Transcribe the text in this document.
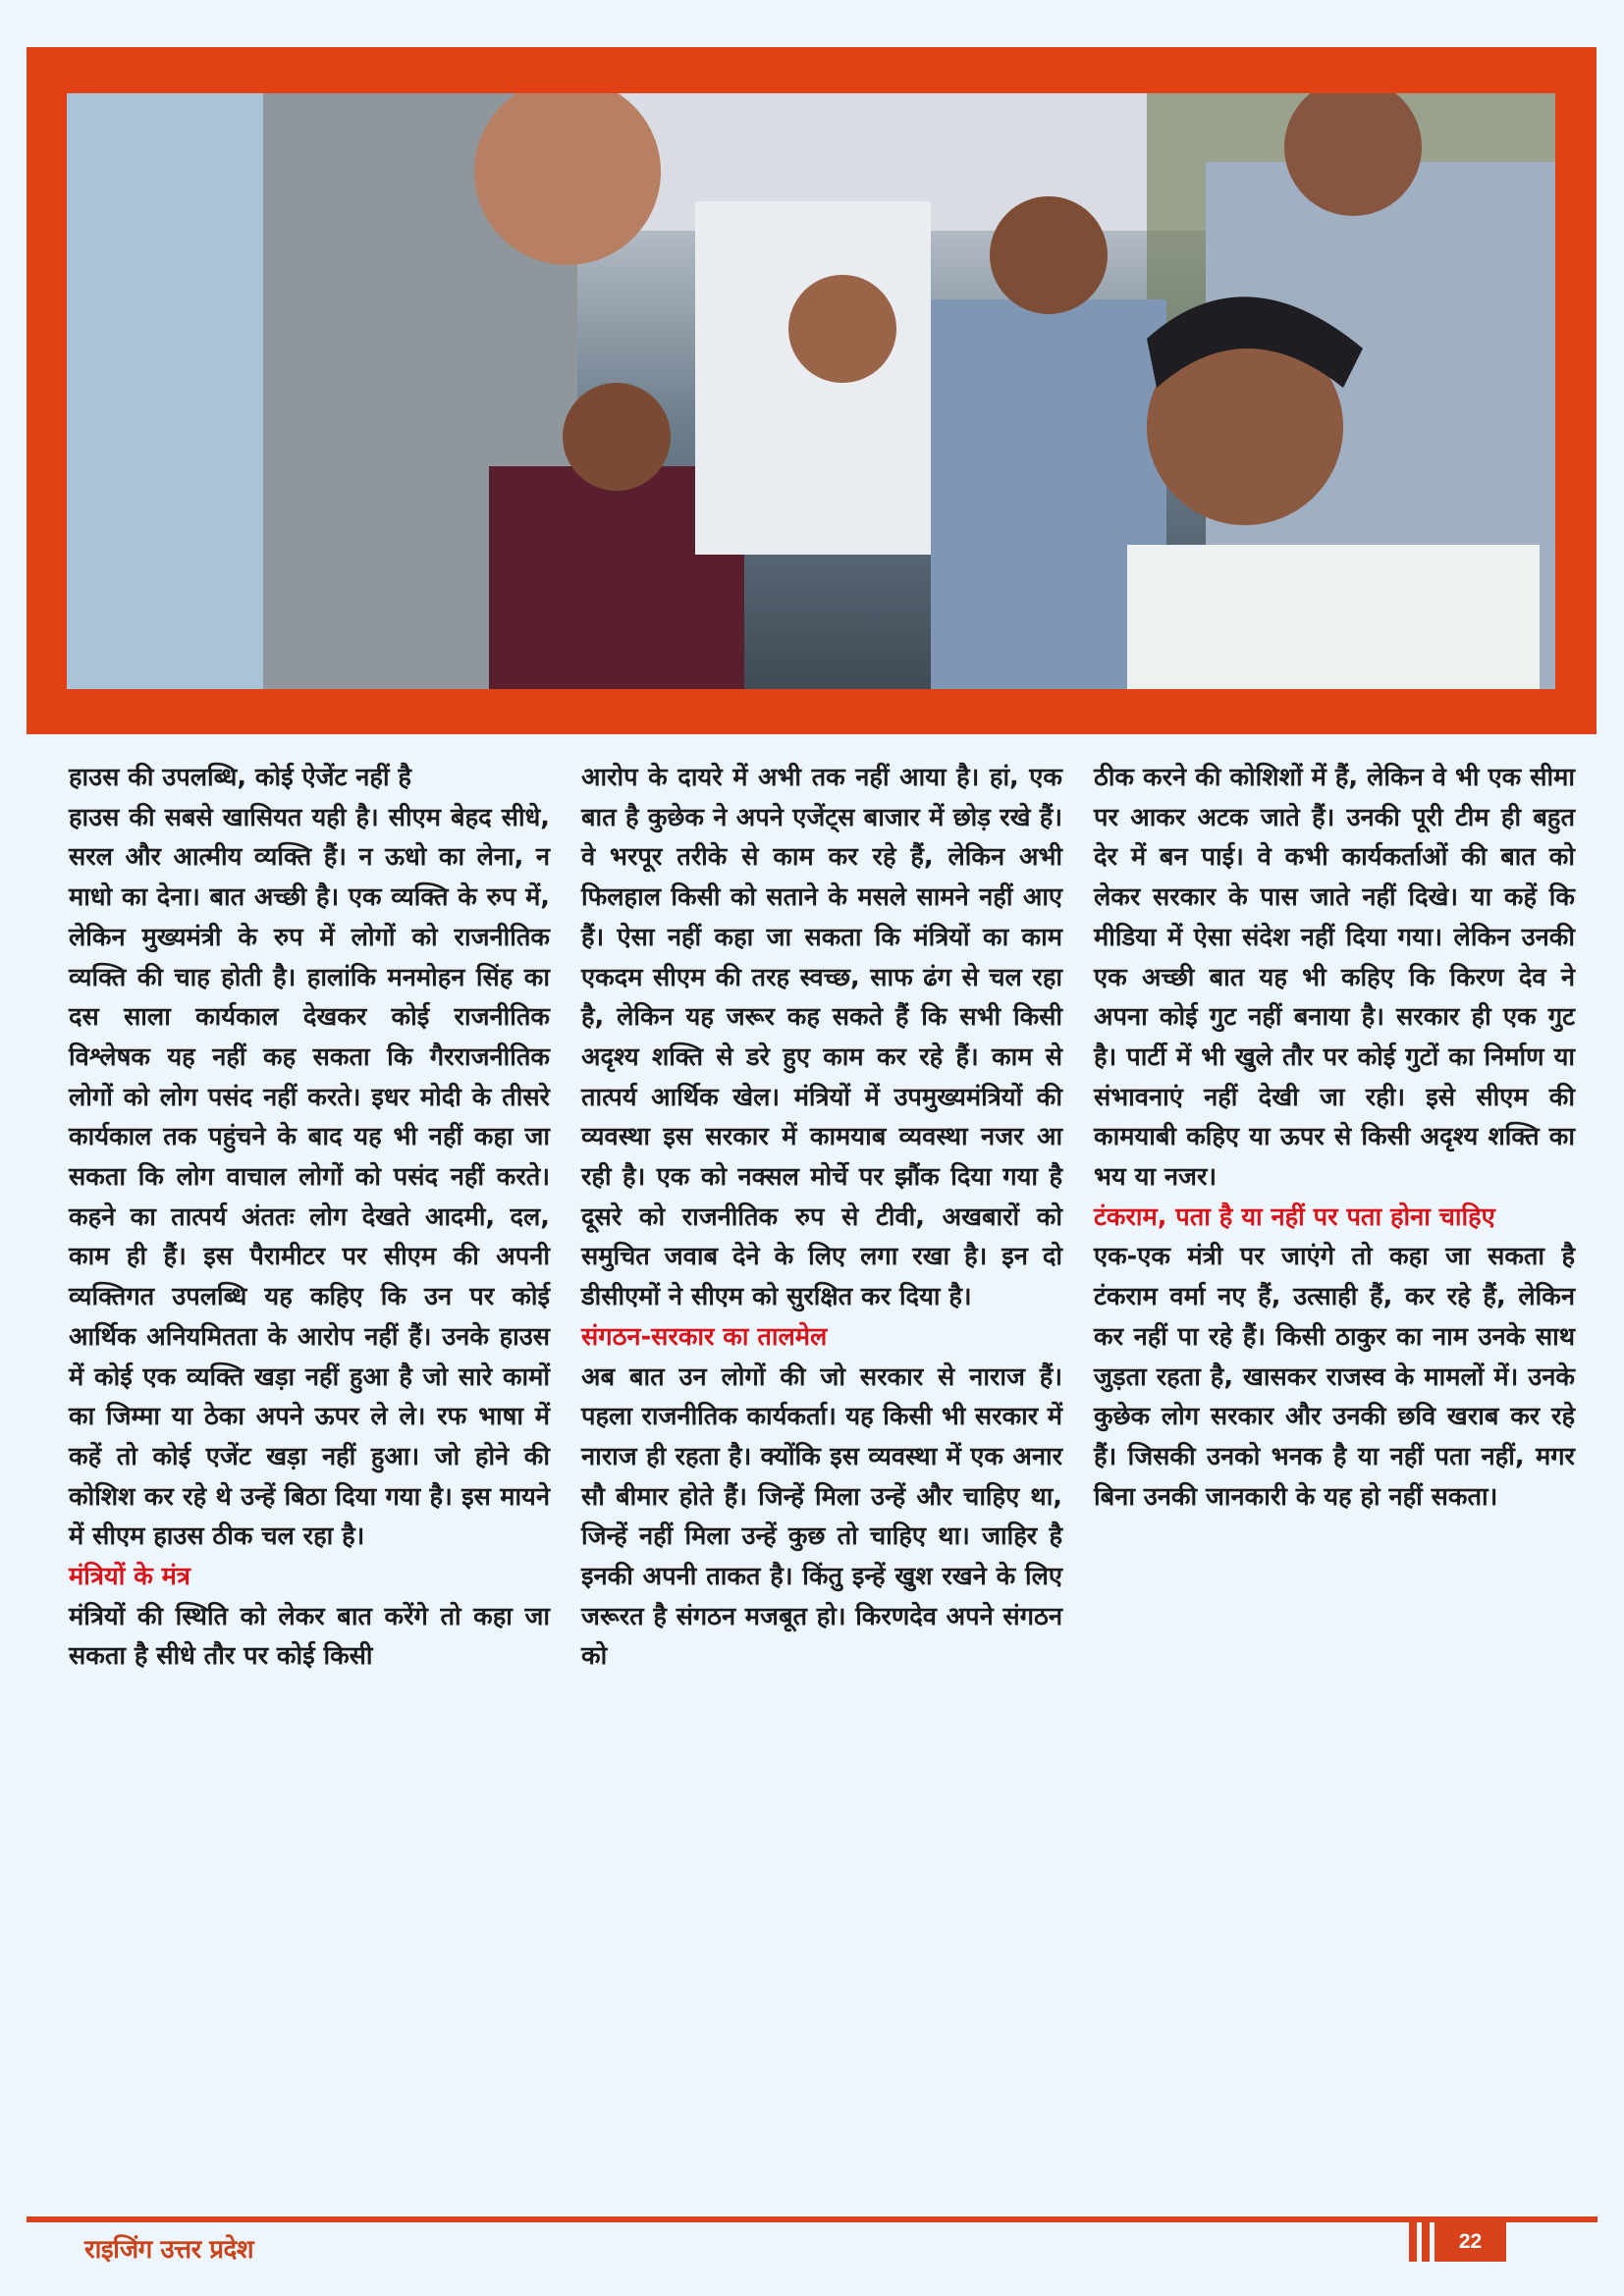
हाउस की उपलब्धि, कोई ऐजेंट नहीं है

हाउस की सबसे खासियत यही है। सीएम बेहद सीधे, सरल और आत्मीय व्यक्ति हैं। न ऊधो का लेना, न माधो का देना। बात अच्छी है। एक व्यक्ति के रुप में, लेकिन मुख्यमंत्री के रुप में लोगों को राजनीतिक व्यक्ति की चाह होती है। हालांकि मनमोहन सिंह का दस साला कार्यकाल देखकर कोई राजनीतिक विश्लेषक यह नहीं कह सकता कि गैरराजनीतिक लोगों को लोग पसंद नहीं करते। इधर मोदी के तीसरे कार्यकाल तक पहुंचने के बाद यह भी नहीं कहा जा सकता कि लोग वाचाल लोगों को पसंद नहीं करते। कहने का तात्पर्य अंततः लोग देखते आदमी, दल, काम ही हैं। इस पैरामीटर पर सीएम की अपनी व्यक्तिगत उपलब्धि यह कहिए कि उन पर कोई आर्थिक अनियमितता के आरोप नहीं हैं। उनके हाउस में कोई एक व्यक्ति खड़ा नहीं हुआ है जो सारे कामों का जिम्मा या ठेका अपने ऊपर ले ले। रफ भाषा में कहें तो कोई एजेंट खड़ा नहीं हुआ। जो होने की कोशिश कर रहे थे उन्हें बिठा दिया गया है। इस मायने में सीएम हाउस ठीक चल रहा है।

मंत्रियों के मंत्र

मंत्रियों की स्थिति को लेकर बात करेंगे तो कहा जा सकता है सीधे तौर पर कोई किसी

आरोप के दायरे में अभी तक नहीं आया है। हां, एक बात है कुछेक ने अपने एजेंट्स बाजार में छोड़ रखे हैं। वे भरपूर तरीके से काम कर रहे हैं, लेकिन अभी फिलहाल किसी को सताने के मसले सामने नहीं आए हैं। ऐसा नहीं कहा जा सकता कि मंत्रियों का काम एकदम सीएम की तरह स्वच्छ, साफ ढंग से चल रहा है, लेकिन यह जरूर कह सकते हैं कि सभी किसी अदृश्य शक्ति से डरे हुए काम कर रहे हैं। काम से तात्पर्य आर्थिक खेल। मंत्रियों में उपमुख्यमंत्रियों की व्यवस्था इस सरकार में कामयाब व्यवस्था नजर आ रही है। एक को नक्सल मोर्चे पर झौंक दिया गया है दूसरे को राजनीतिक रुप से टीवी, अखबारों को समुचित जवाब देने के लिए लगा रखा है। इन दो डीसीएमों ने सीएम को सुरक्षित कर दिया है।

संगठन-सरकार का तालमेल

अब बात उन लोगों की जो सरकार से नाराज हैं। पहला राजनीतिक कार्यकर्ता। यह किसी भी सरकार में नाराज ही रहता है। क्योंकि इस व्यवस्था में एक अनार सौ बीमार होते हैं। जिन्हें मिला उन्हें और चाहिए था, जिन्हें नहीं मिला उन्हें कुछ तो चाहिए था। जाहिर है इनकी अपनी ताकत है। किंतु इन्हें खुश रखने के लिए जरूरत है संगठन मजबूत हो। किरणदेव अपने संगठन को

ठीक करने की कोशिशों में हैं, लेकिन वे भी एक सीमा पर आकर अटक जाते हैं। उनकी पूरी टीम ही बहुत देर में बन पाई। वे कभी कार्यकर्ताओं की बात को लेकर सरकार के पास जाते नहीं दिखे। या कहें कि मीडिया में ऐसा संदेश नहीं दिया गया। लेकिन उनकी एक अच्छी बात यह भी कहिए कि किरण देव ने अपना कोई गुट नहीं बनाया है। सरकार ही एक गुट है। पार्टी में भी खुले तौर पर कोई गुटों का निर्माण या संभावनाएं नहीं देखी जा रही। इसे सीएम की कामयाबी कहिए या ऊपर से किसी अदृश्य शक्ति का भय या नजर।

टंकराम, पता है या नहीं पर पता होना चाहिए

एक-एक मंत्री पर जाएंगे तो कहा जा सकता है टंकराम वर्मा नए हैं, उत्साही हैं, कर रहे हैं, लेकिन कर नहीं पा रहे हैं। किसी ठाकुर का नाम उनके साथ जुड़ता रहता है, खासकर राजस्व के मामलों में। उनके कुछेक लोग सरकार और उनकी छवि खराब कर रहे हैं। जिसकी उनको भनक है या नहीं पता नहीं, मगर बिना उनकी जानकारी के यह हो नहीं सकता।

राइजिंग उत्तर प्रदेश	22
